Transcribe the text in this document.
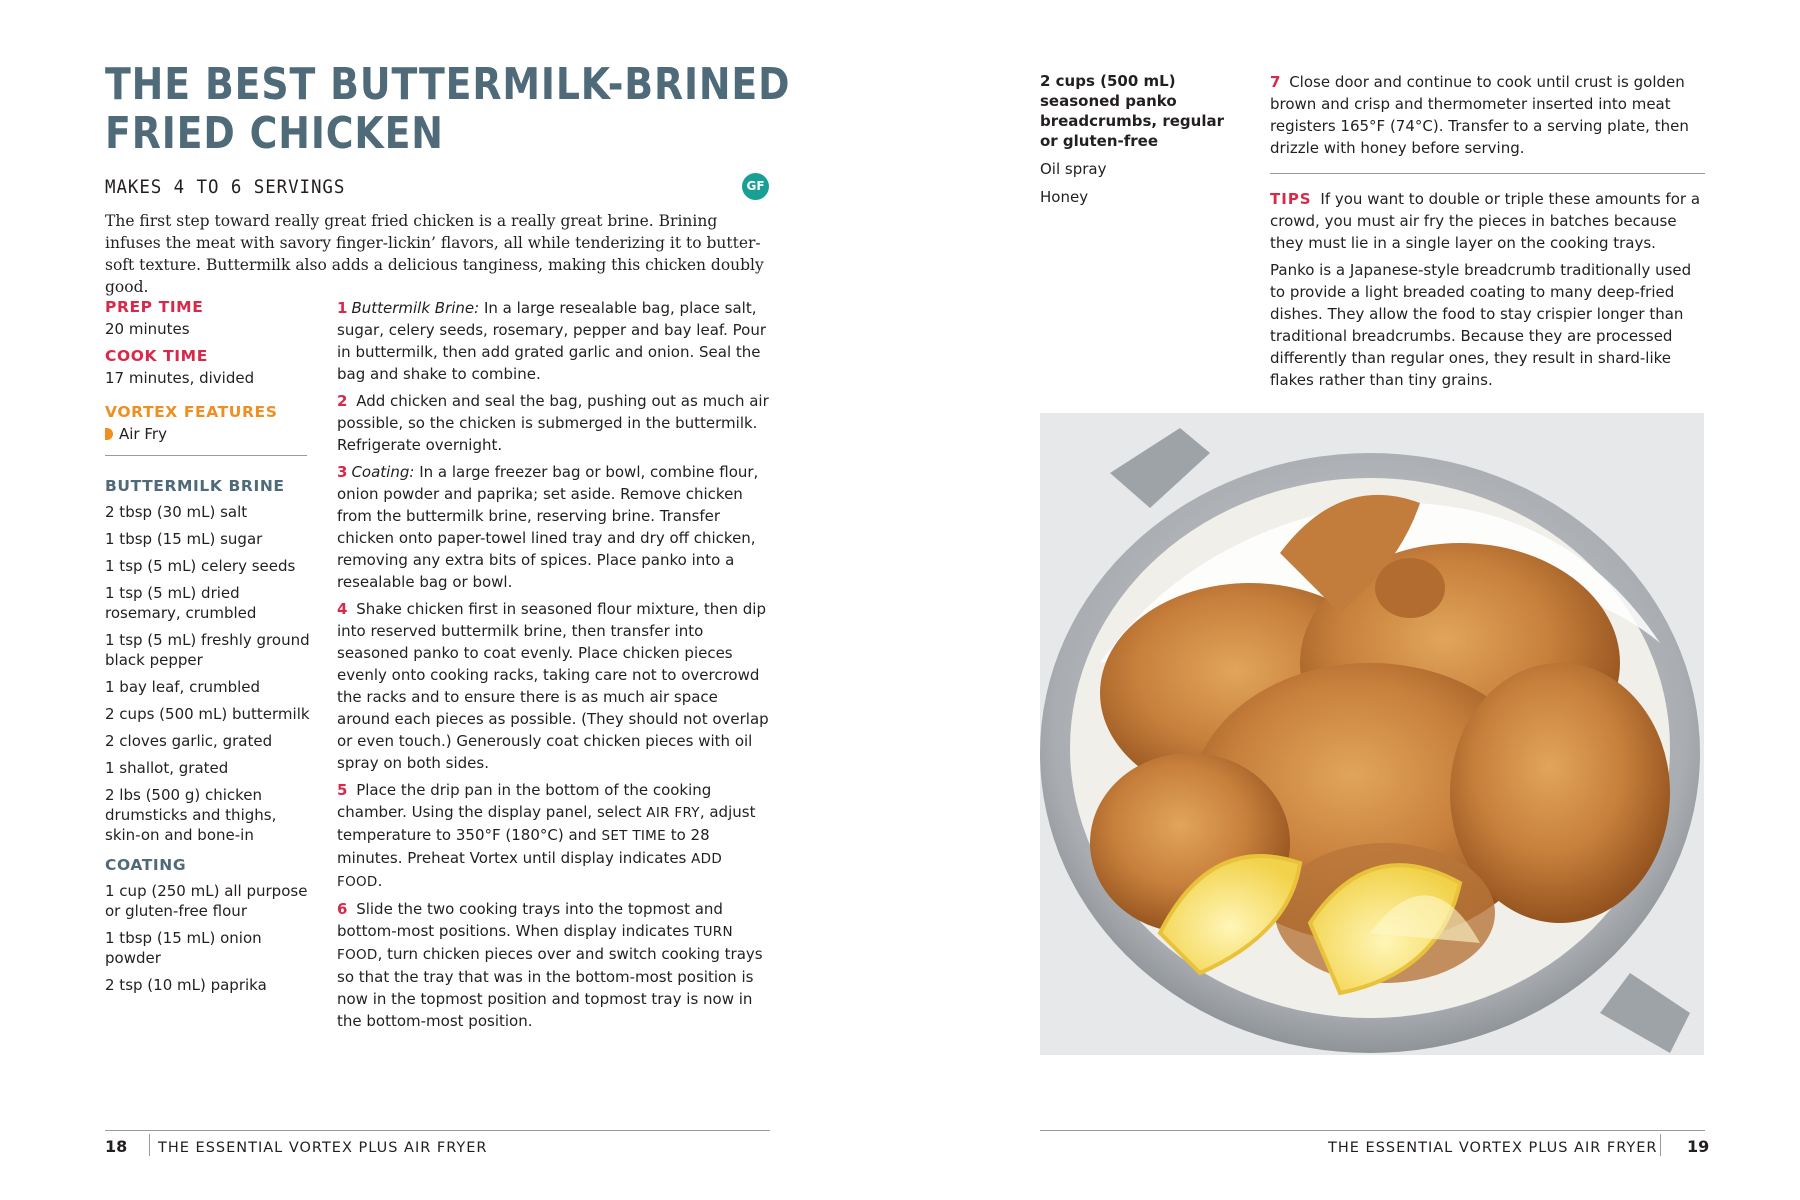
THE BEST BUTTERMILK-BRINED
FRIED CHICKEN

MAKES 4 TO 6 SERVINGS	GF

The first step toward really great fried chicken is a really great brine. Brining infuses the meat with savory finger-lickin’ flavors, all while tenderizing it to butter-soft texture. Buttermilk also adds a delicious tanginess, making this chicken doubly good.

PREP TIME

20 minutes

COOK TIME

17 minutes, divided

VORTEX FEATURES

Air Fry

BUTTERMILK BRINE

2 tbsp (30 mL) salt

1 tbsp (15 mL) sugar

1 tsp (5 mL) celery seeds

1 tsp (5 mL) dried rosemary, crumbled

1 tsp (5 mL) freshly ground black pepper

1 bay leaf, crumbled

2 cups (500 mL) buttermilk

2 cloves garlic, grated

1 shallot, grated

2 lbs (500 g) chicken drumsticks and thighs, skin-on and bone-in

COATING

1 cup (250 mL) all purpose or gluten-free flour

1 tbsp (15 mL) onion powder

2 tsp (10 mL) paprika

1 Buttermilk Brine: In a large resealable bag, place salt, sugar, celery seeds, rosemary, pepper and bay leaf. Pour in buttermilk, then add grated garlic and onion. Seal the bag and shake to combine.

2 Add chicken and seal the bag, pushing out as much air possible, so the chicken is submerged in the buttermilk. Refrigerate overnight.

3 Coating: In a large freezer bag or bowl, combine flour, onion powder and paprika; set aside. Remove chicken from the buttermilk brine, reserving brine. Transfer chicken onto paper-towel lined tray and dry off chicken, removing any extra bits of spices. Place panko into a resealable bag or bowl.

4 Shake chicken first in seasoned flour mixture, then dip into reserved buttermilk brine, then transfer into seasoned panko to coat evenly. Place chicken pieces evenly onto cooking racks, taking care not to overcrowd the racks and to ensure there is as much air space around each pieces as possible. (They should not overlap or even touch.) Generously coat chicken pieces with oil spray on both sides.

5 Place the drip pan in the bottom of the cooking chamber. Using the display panel, select AIR FRY, adjust temperature to 350°F (180°C) and SET TIME to 28 minutes. Preheat Vortex until display indicates ADD FOOD.

6 Slide the two cooking trays into the topmost and bottom-most positions. When display indicates TURN FOOD, turn chicken pieces over and switch cooking trays so that the tray that was in the bottom-most position is now in the topmost position and topmost tray is now in the bottom-most position.

18 THE ESSENTIAL VORTEX PLUS AIR FRYER

2 cups (500 mL) seasoned panko breadcrumbs, regular or gluten-free

Oil spray

Honey

7 Close door and continue to cook until crust is golden brown and crisp and thermometer inserted into meat registers 165°F (74°C). Transfer to a serving plate, then drizzle with honey before serving.

TIPS If you want to double or triple these amounts for a crowd, you must air fry the pieces in batches because they must lie in a single layer on the cooking trays.

Panko is a Japanese-style breadcrumb traditionally used to provide a light breaded coating to many deep-fried dishes. They allow the food to stay crispier longer than traditional breadcrumbs. Because they are processed differently than regular ones, they result in shard-like flakes rather than tiny grains.

THE ESSENTIAL VORTEX PLUS AIR FRYER 19
